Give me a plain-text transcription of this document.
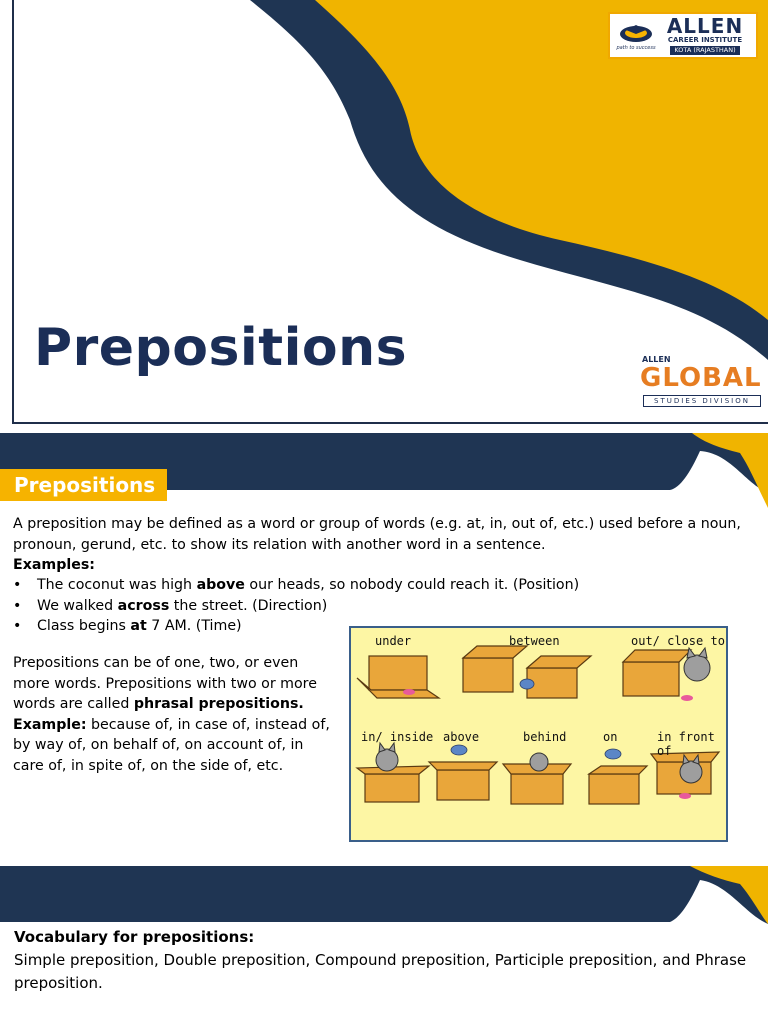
path to success
ALLEN
CAREER INSTITUTE
KOTA (RAJASTHAN)
Prepositions	ALLEN
GLOBAL
STUDIES DIVISION
Prepositions

A preposition may be defined as a word or group of words (e.g. at, in, out of, etc.) used before a noun, pronoun, gerund, etc. to show its relation with another word in a sentence.

Examples:

• The coconut was high above our heads, so nobody could reach it. (Position)
• We walked across the street. (Direction)
• Class begins at 7 AM. (Time)

Prepositions can be of one, two, or even more words. Prepositions with two or more words are called phrasal prepositions.
Example: because of, in case of, instead of, by way of, on behalf of, on account of, in care of, in spite of, on the side of, etc.

under	between	out/ close to
in/ inside above	behind	on	in front of

Vocabulary for prepositions:

Simple preposition, Double preposition, Compound preposition, Participle preposition, and Phrase preposition.
